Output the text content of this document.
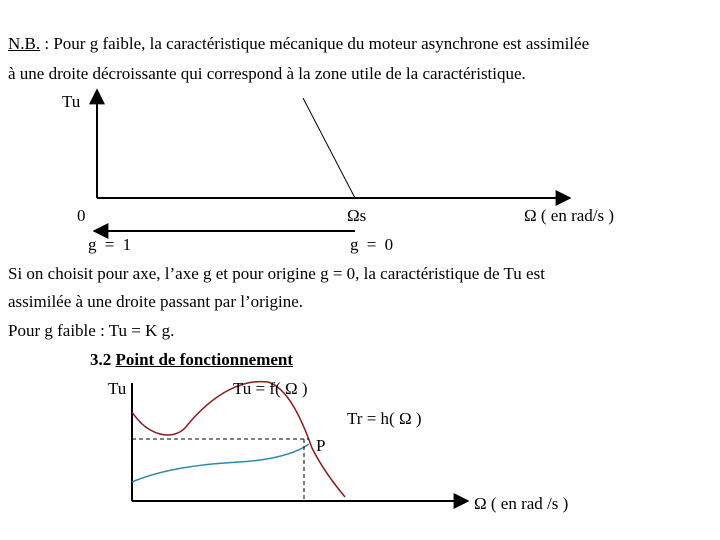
N.B. : Pour g faible, la caractéristique mécanique du moteur asynchrone est assimilée
à une droite décroissante qui correspond à la zone utile de la caractéristique.
Tu
0	Ωs	Ω ( en rad/s )
g = 1	g = 0
Si on choisit pour axe, l’axe g et pour origine g = 0, la caractéristique de Tu est
assimilée à une droite passant par l’origine.
Pour g faible : Tu = K g.
3.2 Point de fonctionnement
Tu	Tu = f( Ω )
Tr = h( Ω )
P
Ω ( en rad /s )
